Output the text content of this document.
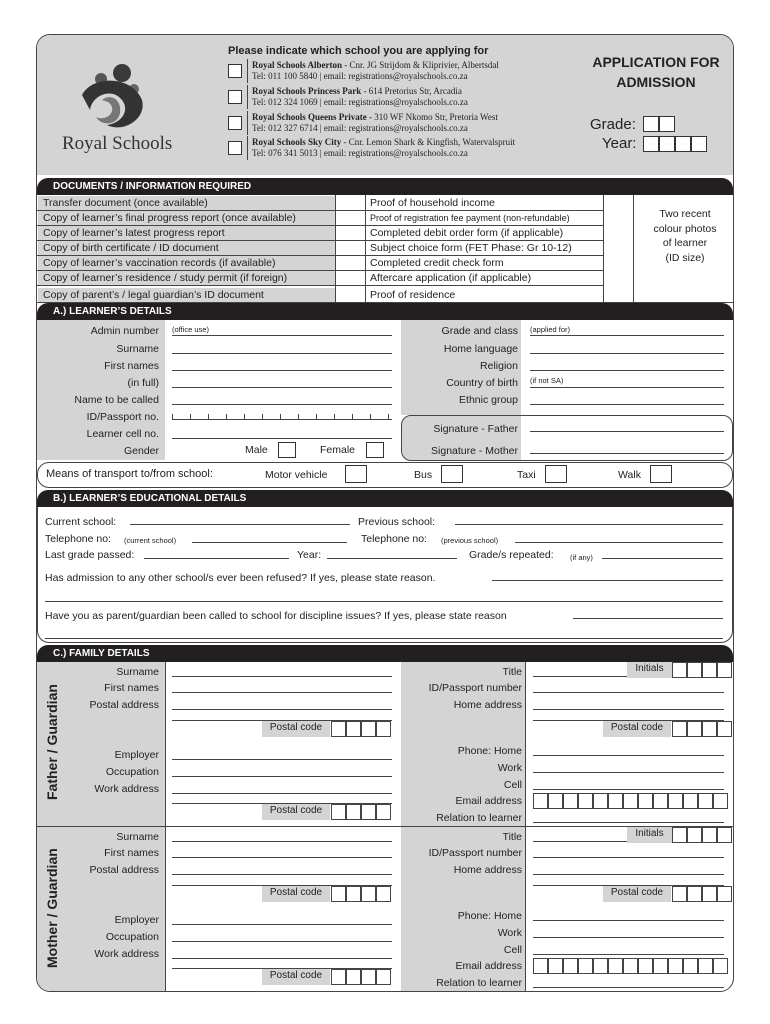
Royal Schools
Please indicate which school you are applying for
Royal Schools Alberton - Cnr. JG Strijdom & Kliprivier, Albertsdal
Tel: 011 100 5840 | email: registrations@royalschools.co.za
Royal Schools Princess Park - 614 Pretorius Str, Arcadia
Tel: 012 324 1069 | email: registrations@royalschools.co.za
Royal Schools Queens Private - 310 WF Nkomo Str, Pretoria West
Tel: 012 327 6714 | email: registrations@royalschools.co.za
Royal Schools Sky City - Cnr. Lemon Shark & Kingfish, Watervalspruit
Tel: 076 341 5013 | email: registrations@royalschools.co.za
APPLICATION FOR
ADMISSION
Grade:
Year:
DOCUMENTS / INFORMATION REQUIRED
Transfer document (once available)	Proof of household income
Copy of learner’s final progress report (once available)	Proof of registration fee payment (non-refundable)
Copy of learner’s latest progress report	Completed debit order form (if applicable)
Copy of birth certificate / ID document	Subject choice form (FET Phase: Gr 10-12)
Copy of learner’s vaccination records (if available)	Completed credit check form
Copy of learner’s residence / study permit (if foreign)	Aftercare application (if applicable)
Copy of parent’s / legal guardian’s ID document	Proof of residence
Two recent
colour photos
of learner
(ID size)
A.) LEARNER’S DETAILS
Admin number
Surname
First names
(in full)
Name to be called
ID/Passport no.
Learner cell no.
Gender
Grade and class
Home language
Religion
Country of birth
Ethnic group
(office use)	(applied for)
(if not SA)
Male	Female
Signature - Father
Signature - Mother
Means of transport to/from school:	Motor vehicle	Bus	Taxi	Walk
B.) LEARNER’S EDUCATIONAL DETAILS
Current school:	Previous school:
Telephone no: (current school)	Telephone no: (previous school)
Last grade passed:	Year:	Grade/s repeated: (if any)
Has admission to any other school/s ever been refused? If yes, please state reason.
Have you as parent/guardian been called to school for discipline issues? If yes, please state reason
C.) FAMILY DETAILS
Father / Guardian
Mother / Guardian
Surname
First names
Postal address
Postal code
Employer
Occupation
Work address
Postal code
Title
ID/Passport number
Home address
Initials
Postal code
Phone: Home
Work
Cell
Email address
Relation to learner
Surname
First names
Postal address
Postal code
Employer
Occupation
Work address
Postal code
Title
ID/Passport number
Home address
Initials
Postal code
Phone: Home
Work
Cell
Email address
Relation to learner
